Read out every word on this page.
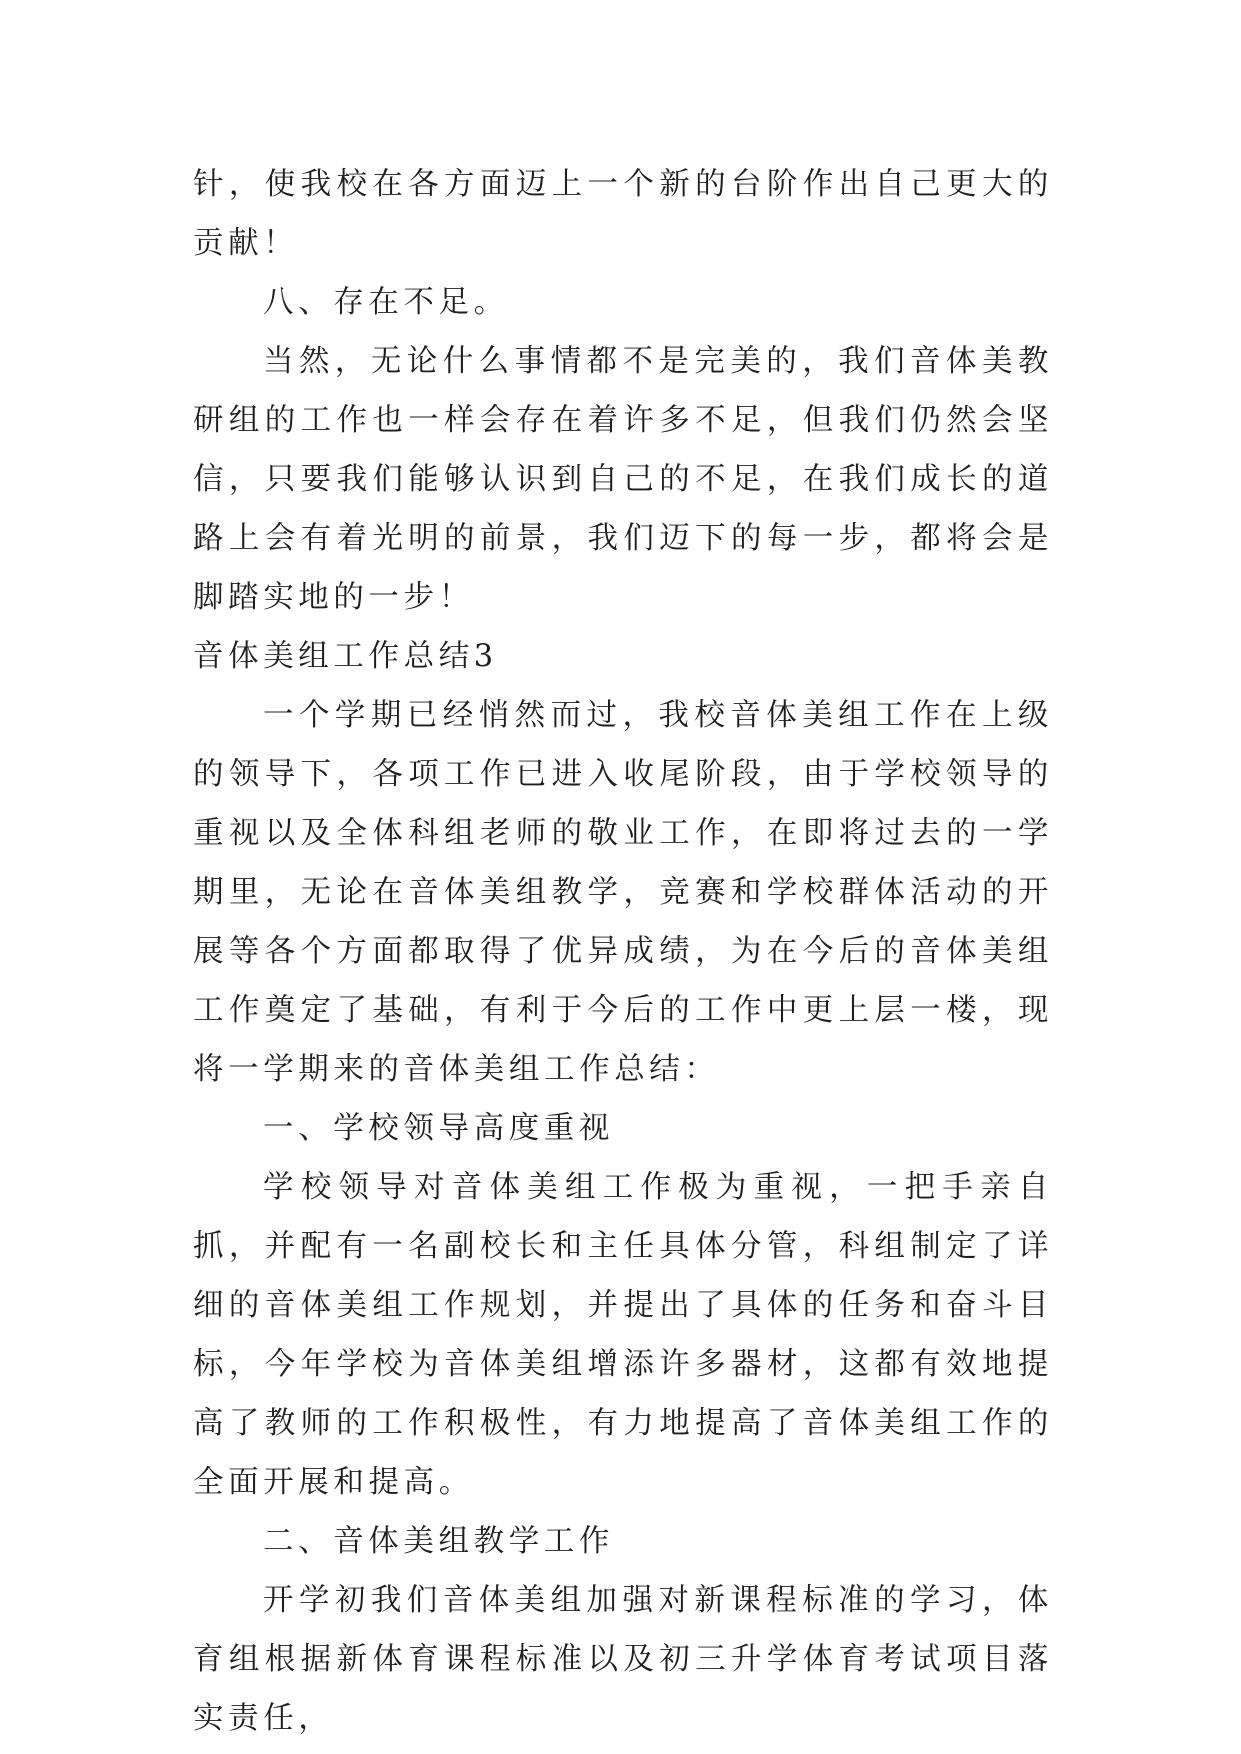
针，使我校在各方面迈上一个新的台阶作出自己更大的贡献！

八、存在不足。

当然，无论什么事情都不是完美的，我们音体美教研组的工作也一样会存在着许多不足，但我们仍然会坚信，只要我们能够认识到自己的不足，在我们成长的道路上会有着光明的前景，我们迈下的每一步，都将会是脚踏实地的一步！

音体美组工作总结3

一个学期已经悄然而过，我校音体美组工作在上级的领导下，各项工作已进入收尾阶段，由于学校领导的重视以及全体科组老师的敬业工作，在即将过去的一学期里，无论在音体美组教学，竞赛和学校群体活动的开展等各个方面都取得了优异成绩，为在今后的音体美组工作奠定了基础，有利于今后的工作中更上层一楼，现将一学期来的音体美组工作总结：

一、学校领导高度重视

学校领导对音体美组工作极为重视，一把手亲自抓，并配有一名副校长和主任具体分管，科组制定了详细的音体美组工作规划，并提出了具体的任务和奋斗目标，今年学校为音体美组增添许多器材，这都有效地提高了教师的工作积极性，有力地提高了音体美组工作的全面开展和提高。

二、音体美组教学工作

开学初我们音体美组加强对新课程标准的学习，体育组根据新体育课程标准以及初三升学体育考试项目落实责任，
